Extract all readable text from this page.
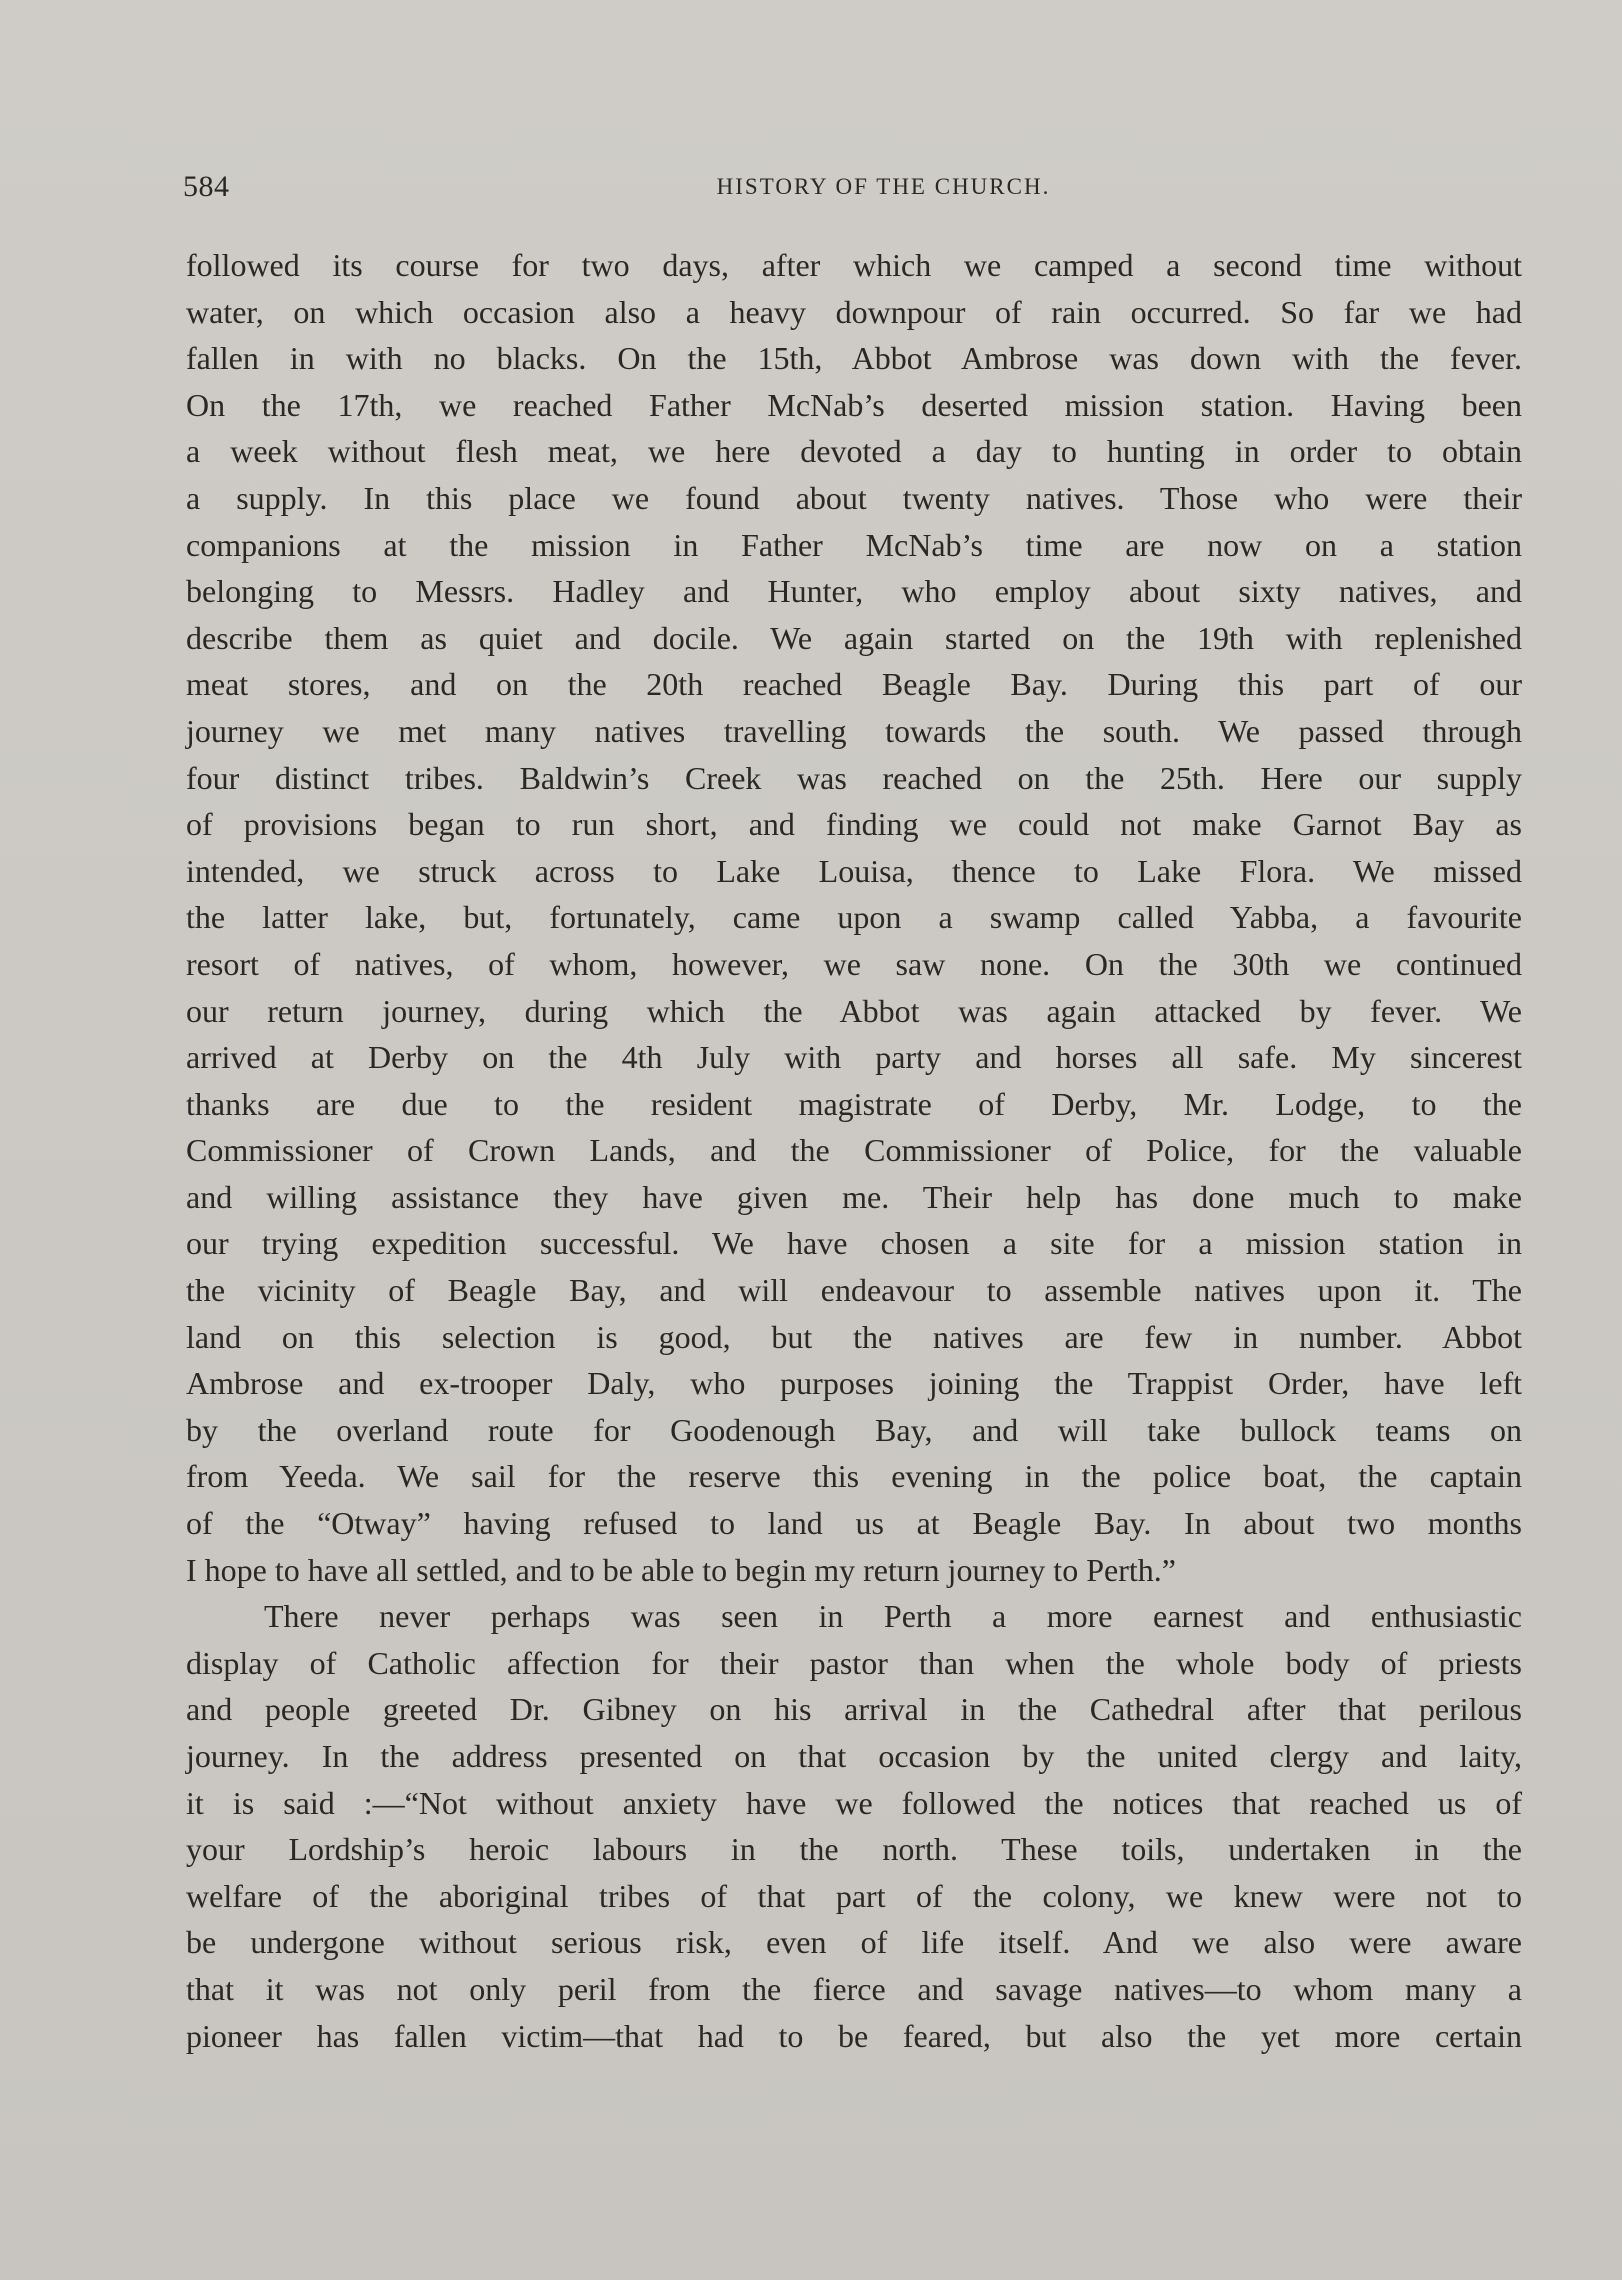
584	HISTORY OF THE CHURCH.
followed its course for two days, after which we camped a second time without
water, on which occasion also a heavy downpour of rain occurred. So far we had
fallen in with no blacks. On the 15th, Abbot Ambrose was down with the fever.
On the 17th, we reached Father McNab’s deserted mission station. Having been
a week without flesh meat, we here devoted a day to hunting in order to obtain
a supply. In this place we found about twenty natives. Those who were their
companions at the mission in Father McNab’s time are now on a station
belonging to Messrs. Hadley and Hunter, who employ about sixty natives, and
describe them as quiet and docile. We again started on the 19th with replenished
meat stores, and on the 20th reached Beagle Bay. During this part of our
journey we met many natives travelling towards the south. We passed through
four distinct tribes. Baldwin’s Creek was reached on the 25th. Here our supply
of provisions began to run short, and finding we could not make Garnot Bay as
intended, we struck across to Lake Louisa, thence to Lake Flora. We missed
the latter lake, but, fortunately, came upon a swamp called Yabba, a favourite
resort of natives, of whom, however, we saw none. On the 30th we continued
our return journey, during which the Abbot was again attacked by fever. We
arrived at Derby on the 4th July with party and horses all safe. My sincerest
thanks are due to the resident magistrate of Derby, Mr. Lodge, to the
Commissioner of Crown Lands, and the Commissioner of Police, for the valuable
and willing assistance they have given me. Their help has done much to make
our trying expedition successful. We have chosen a site for a mission station in
the vicinity of Beagle Bay, and will endeavour to assemble natives upon it. The
land on this selection is good, but the natives are few in number. Abbot
Ambrose and ex-trooper Daly, who purposes joining the Trappist Order, have left
by the overland route for Goodenough Bay, and will take bullock teams on
from Yeeda. We sail for the reserve this evening in the police boat, the captain
of the “Otway” having refused to land us at Beagle Bay. In about two months
I hope to have all settled, and to be able to begin my return journey to Perth.”
There never perhaps was seen in Perth a more earnest and enthusiastic
display of Catholic affection for their pastor than when the whole body of priests
and people greeted Dr. Gibney on his arrival in the Cathedral after that perilous
journey. In the address presented on that occasion by the united clergy and laity,
it is said :—“Not without anxiety have we followed the notices that reached us of
your Lordship’s heroic labours in the north. These toils, undertaken in the
welfare of the aboriginal tribes of that part of the colony, we knew were not to
be undergone without serious risk, even of life itself. And we also were aware
that it was not only peril from the fierce and savage natives—to whom many a
pioneer has fallen victim—that had to be feared, but also the yet more certain
